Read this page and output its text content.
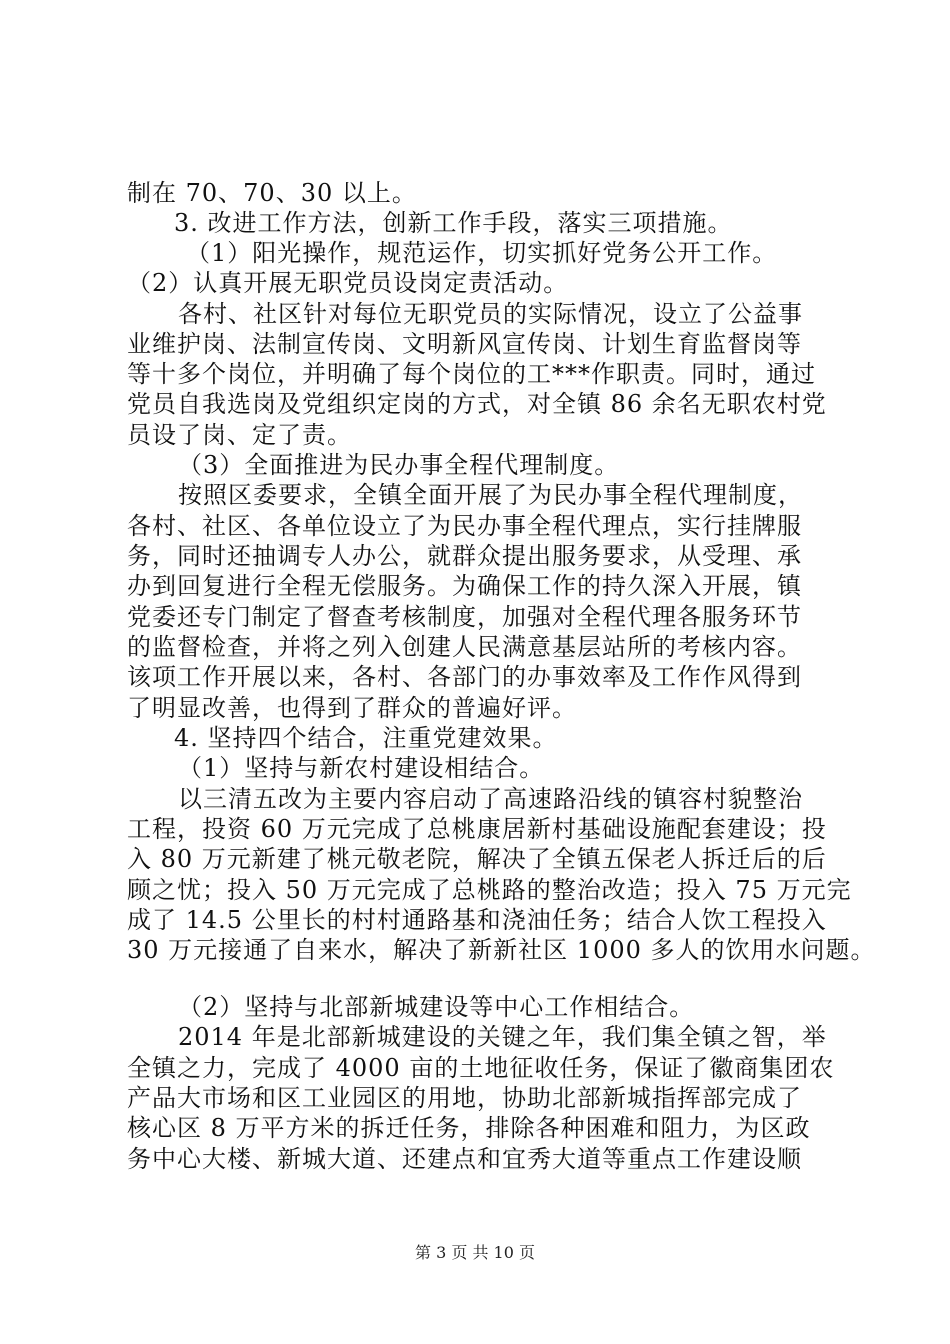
制在 70、70、30 以上。
3. 改进工作方法，创新工作手段，落实三项措施。
（1）阳光操作，规范运作，切实抓好党务公开工作。
（2）认真开展无职党员设岗定责活动。
各村、社区针对每位无职党员的实际情况，设立了公益事
业维护岗、法制宣传岗、文明新风宣传岗、计划生育监督岗等
等十多个岗位，并明确了每个岗位的工***作职责。同时，通过
党员自我选岗及党组织定岗的方式，对全镇 86 余名无职农村党
员设了岗、定了责。
（3）全面推进为民办事全程代理制度。
按照区委要求，全镇全面开展了为民办事全程代理制度，
各村、社区、各单位设立了为民办事全程代理点，实行挂牌服
务，同时还抽调专人办公，就群众提出服务要求，从受理、承
办到回复进行全程无偿服务。为确保工作的持久深入开展，镇
党委还专门制定了督查考核制度，加强对全程代理各服务环节
的监督检查，并将之列入创建人民满意基层站所的考核内容。
该项工作开展以来，各村、各部门的办事效率及工作作风得到
了明显改善，也得到了群众的普遍好评。
4. 坚持四个结合，注重党建效果。
（1）坚持与新农村建设相结合。
以三清五改为主要内容启动了高速路沿线的镇容村貌整治
工程，投资 60 万元完成了总桃康居新村基础设施配套建设；投
入 80 万元新建了桃元敬老院，解决了全镇五保老人拆迁后的后
顾之忧；投入 50 万元完成了总桃路的整治改造；投入 75 万元完
成了 14.5 公里长的村村通路基和浇油任务；结合人饮工程投入
30 万元接通了自来水，解决了新新社区 1000 多人的饮用水问题。
（2）坚持与北部新城建设等中心工作相结合。
2014 年是北部新城建设的关键之年，我们集全镇之智，举
全镇之力，完成了 4000 亩的土地征收任务，保证了徽商集团农
产品大市场和区工业园区的用地，协助北部新城指挥部完成了
核心区 8 万平方米的拆迁任务，排除各种困难和阻力，为区政
务中心大楼、新城大道、还建点和宜秀大道等重点工作建设顺
第 3 页 共 10 页
